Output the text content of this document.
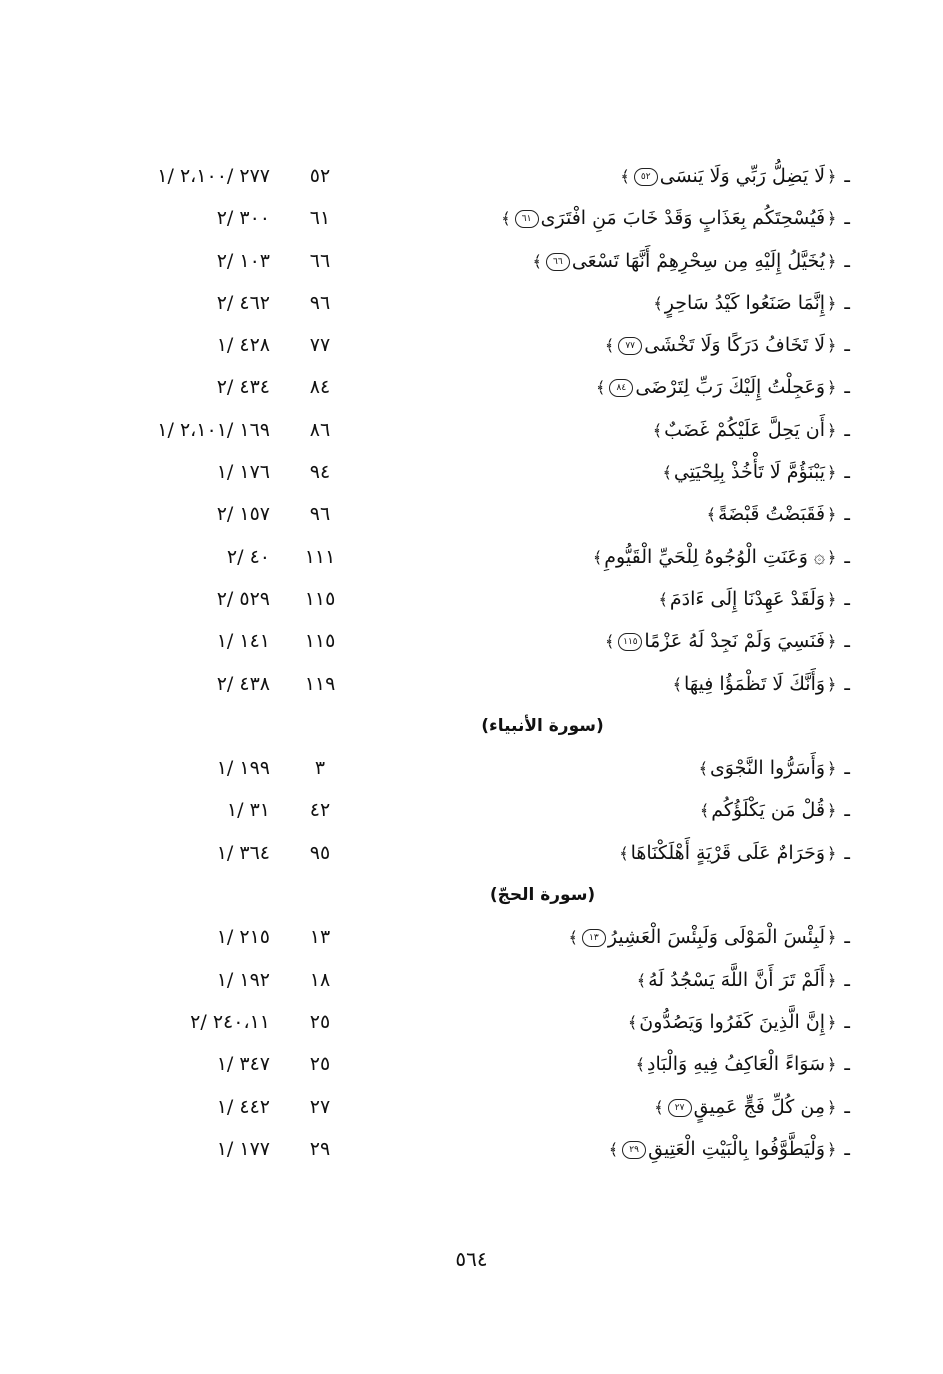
ـ﴿لَا يَضِلُّ رَبِّي وَلَا يَنسَى٥٢﴾
٥٢
٢٧٧ /٢،١٠٠ /١
ـ﴿فَيُسْحِتَكُم بِعَذَابٍ وَقَدْ خَابَ مَنِ افْتَرَى٦١﴾
٦١
٣٠٠ /٢
ـ﴿يُخَيَّلُ إِلَيْهِ مِن سِحْرِهِمْ أَنَّهَا تَسْعَى٦٦﴾
٦٦
١٠٣ /٢
ـ﴿إِنَّمَا صَنَعُوا كَيْدُ سَاحِرٍ﴾
٩٦
٤٦٢ /٢
ـ﴿لَا تَخَافُ دَرَكًا وَلَا تَخْشَى٧٧﴾
٧٧
٤٢٨ /١
ـ﴿وَعَجِلْتُ إِلَيْكَ رَبِّ لِتَرْضَى٨٤﴾
٨٤
٤٣٤ /٢
ـ﴿أَن يَحِلَّ عَلَيْكُمْ غَضَبٌ﴾
٨٦
١٦٩ /٢،١٠١ /١
ـ﴿يَبْنَؤُمَّ لَا تَأْخُذْ بِلِحْيَتِي﴾
٩٤
١٧٦ /١
ـ﴿فَقَبَضْتُ قَبْضَةً﴾
٩٦
١٥٧ /٢
ـ﴿۞ وَعَنَتِ الْوُجُوهُ لِلْحَيِّ الْقَيُّومِ﴾
١١١
٤٠ /٢
ـ﴿وَلَقَدْ عَهِدْنَا إِلَى ءَادَمَ﴾
١١٥
٥٢٩ /٢
ـ﴿فَنَسِيَ وَلَمْ نَجِدْ لَهُ عَزْمًا١١٥﴾
١١٥
١٤١ /١
ـ﴿وَأَنَّكَ لَا تَظْمَؤُا فِيهَا﴾
١١٩
٤٣٨ /٢
(سورة الأنبياء)
ـ﴿وَأَسَرُّوا النَّجْوَى﴾
٣
١٩٩ /١
ـ﴿قُلْ مَن يَكْلَؤُكُم﴾
٤٢
٣١ /١
ـ﴿وَحَرَامٌ عَلَى قَرْيَةٍ أَهْلَكْنَاهَا﴾
٩٥
٣٦٤ /١
(سورة الحجّ)
ـ﴿لَبِئْسَ الْمَوْلَى وَلَبِئْسَ الْعَشِيرُ١٣﴾
١٣
٢١٥ /١
ـ﴿أَلَمْ تَرَ أَنَّ اللَّهَ يَسْجُدُ لَهُ﴾
١٨
١٩٢ /١
ـ﴿إِنَّ الَّذِينَ كَفَرُوا وَيَصُدُّونَ﴾
٢٥
٢٤٠،١١ /٢
ـ﴿سَوَاءً الْعَاكِفُ فِيهِ وَالْبَادِ﴾
٢٥
٣٤٧ /١
ـ﴿مِن كُلِّ فَجٍّ عَمِيقٍ٢٧﴾
٢٧
٤٤٢ /١
ـ﴿وَلْيَطَّوَّفُوا بِالْبَيْتِ الْعَتِيقِ٢٩﴾
٢٩
١٧٧ /١
٥٦٤
